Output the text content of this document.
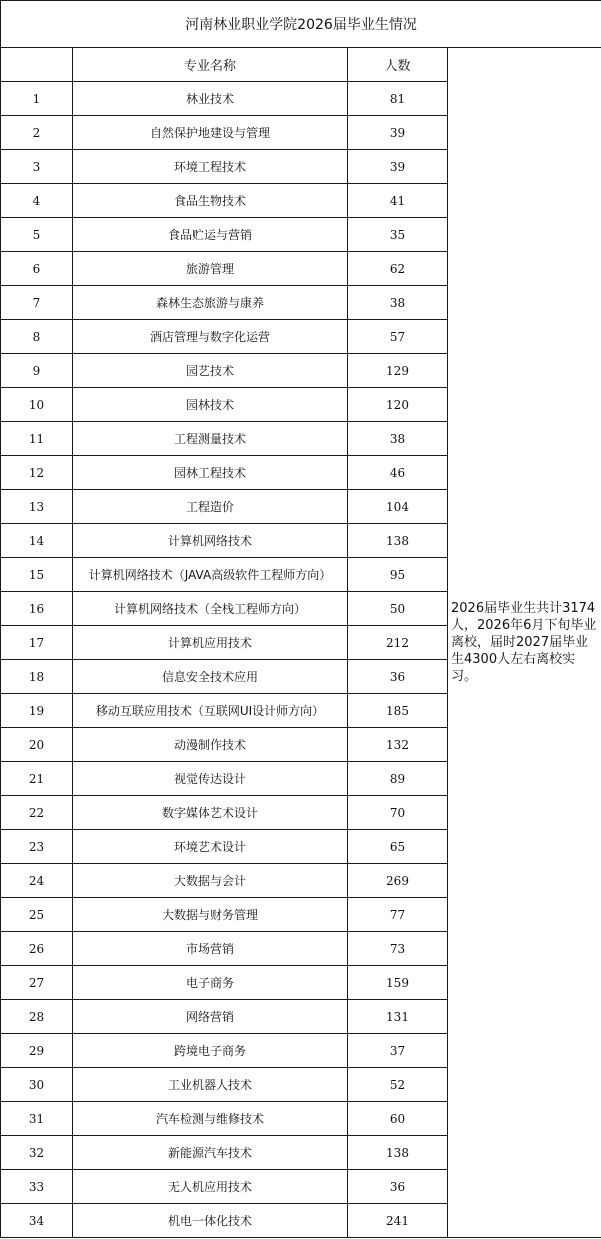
河南林业职业学院2026届毕业生情况			
	专业名称	人数	2026届毕业生共计3174人，2026年6月下旬毕业离校，届时2027届毕业生4300人左右离校实习。
1	林业技术	81	
2	自然保护地建设与管理	39	
3	环境工程技术	39	
4	食品生物技术	41	
5	食品贮运与营销	35	
6	旅游管理	62	
7	森林生态旅游与康养	38	
8	酒店管理与数字化运营	57	
9	园艺技术	129	
10	园林技术	120	
11	工程测量技术	38	
12	园林工程技术	46	
13	工程造价	104	
14	计算机网络技术	138	
15	计算机网络技术（JAVA高级软件工程师方向）	95	
16	计算机网络技术（全栈工程师方向）	50	
17	计算机应用技术	212	
18	信息安全技术应用	36	
19	移动互联应用技术（互联网UI设计师方向）	185	
20	动漫制作技术	132	
21	视觉传达设计	89	
22	数字媒体艺术设计	70	
23	环境艺术设计	65	
24	大数据与会计	269	
25	大数据与财务管理	77	
26	市场营销	73	
27	电子商务	159	
28	网络营销	131	
29	跨境电子商务	37	
30	工业机器人技术	52	
31	汽车检测与维修技术	60	
32	新能源汽车技术	138	
33	无人机应用技术	36	
34	机电一体化技术	241	
